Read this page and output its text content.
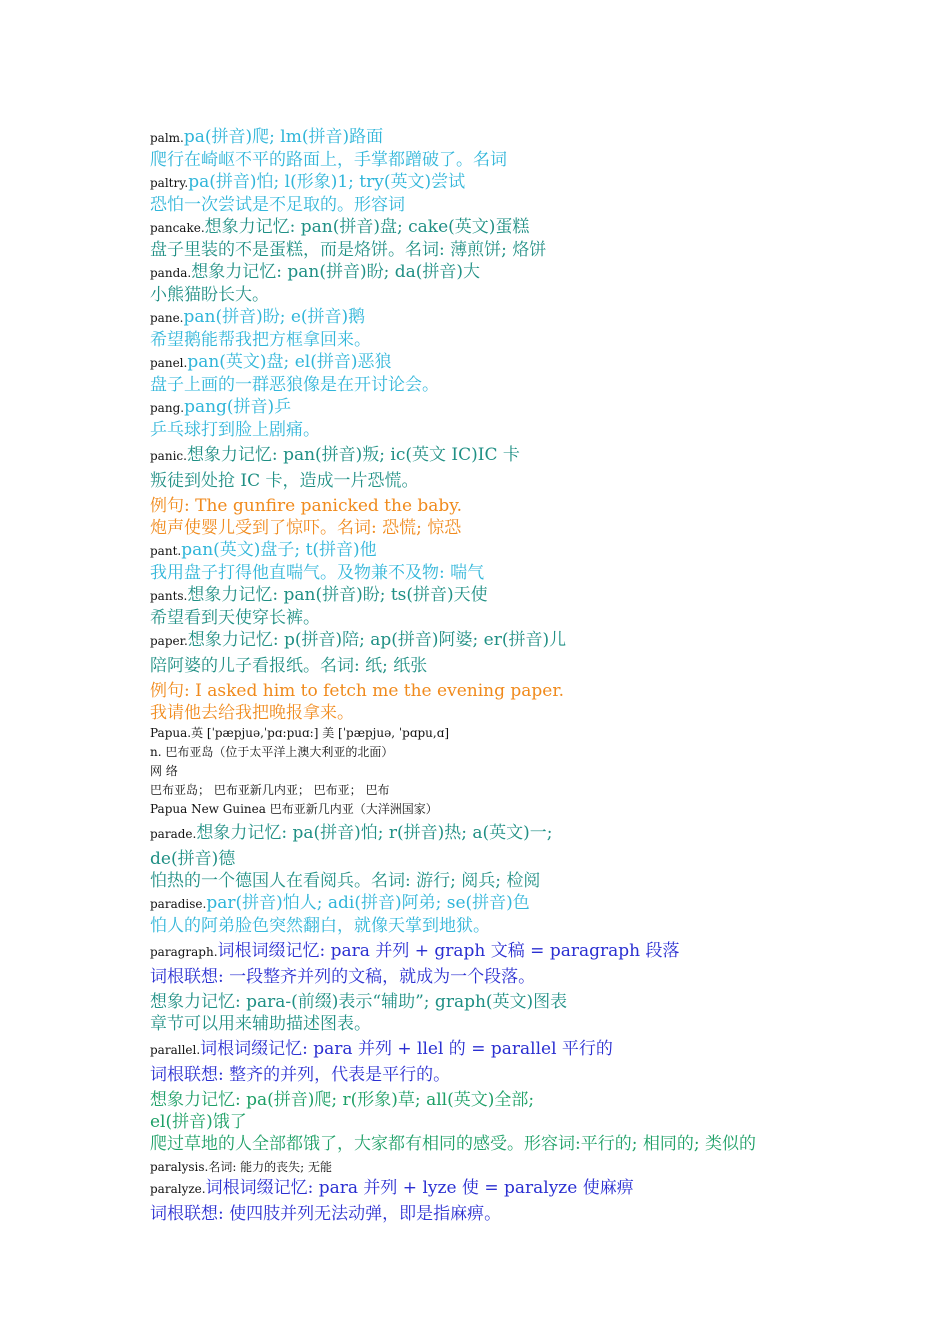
palm.pa(拼音)爬; lm(拼音)路面
爬行在崎岖不平的路面上，手掌都蹭破了。名词
paltry.pa(拼音)怕; l(形象)1; try(英文)尝试
恐怕一次尝试是不足取的。形容词
pancake.想象力记忆: pan(拼音)盘; cake(英文)蛋糕
盘子里装的不是蛋糕，而是烙饼。名词: 薄煎饼; 烙饼
panda.想象力记忆: pan(拼音)盼; da(拼音)大
小熊猫盼长大。
pane.pan(拼音)盼; e(拼音)鹅
希望鹅能帮我把方框拿回来。
panel.pan(英文)盘; el(拼音)恶狼
盘子上画的一群恶狼像是在开讨论会。
pang.pang(拼音)乒
乒乓球打到脸上剧痛。
panic.想象力记忆: pan(拼音)叛; ic(英文 IC)IC 卡
叛徒到处抢 IC 卡，造成一片恐慌。
例句: The gunfire panicked the baby.
炮声使婴儿受到了惊吓。名词: 恐慌; 惊恐
pant.pan(英文)盘子; t(拼音)他
我用盘子打得他直喘气。及物兼不及物: 喘气
pants.想象力记忆: pan(拼音)盼; ts(拼音)天使
希望看到天使穿长裤。
paper.想象力记忆: p(拼音)陪; ap(拼音)阿婆; er(拼音)儿
陪阿婆的儿子看报纸。名词: 纸; 纸张
例句: I asked him to fetch me the evening paper.
我请他去给我把晚报拿来。
Papua.英 [ˈpæpjuə,ˈpɑ:puɑ:] 美 [ˈpæpjuə, ˈpɑpu,ɑ]
n. 巴布亚岛（位于太平洋上澳大利亚的北面）
网 络
巴布亚岛； 巴布亚新几内亚； 巴布亚； 巴布
Papua New Guinea 巴布亚新几内亚（大洋洲国家）
parade.想象力记忆: pa(拼音)怕; r(拼音)热; a(英文)一;
de(拼音)德
怕热的一个德国人在看阅兵。名词: 游行; 阅兵; 检阅
paradise.par(拼音)怕人; adi(拼音)阿弟; se(拼音)色
怕人的阿弟脸色突然翻白，就像天掌到地狱。
paragraph.词根词缀记忆: para 并列 + graph 文稿 = paragraph 段落
词根联想: 一段整齐并列的文稿，就成为一个段落。
想象力记忆: para-(前缀)表示“辅助”; graph(英文)图表
章节可以用来辅助描述图表。
parallel.词根词缀记忆: para 并列 + llel 的 = parallel 平行的
词根联想: 整齐的并列，代表是平行的。
想象力记忆: pa(拼音)爬; r(形象)草; all(英文)全部;
el(拼音)饿了
爬过草地的人全部都饿了，大家都有相同的感受。形容词:平行的; 相同的; 类似的
paralysis.名词: 能力的丧失; 无能
paralyze.词根词缀记忆: para 并列 + lyze 使 = paralyze 使麻痹
词根联想: 使四肢并列无法动弹，即是指麻痹。
